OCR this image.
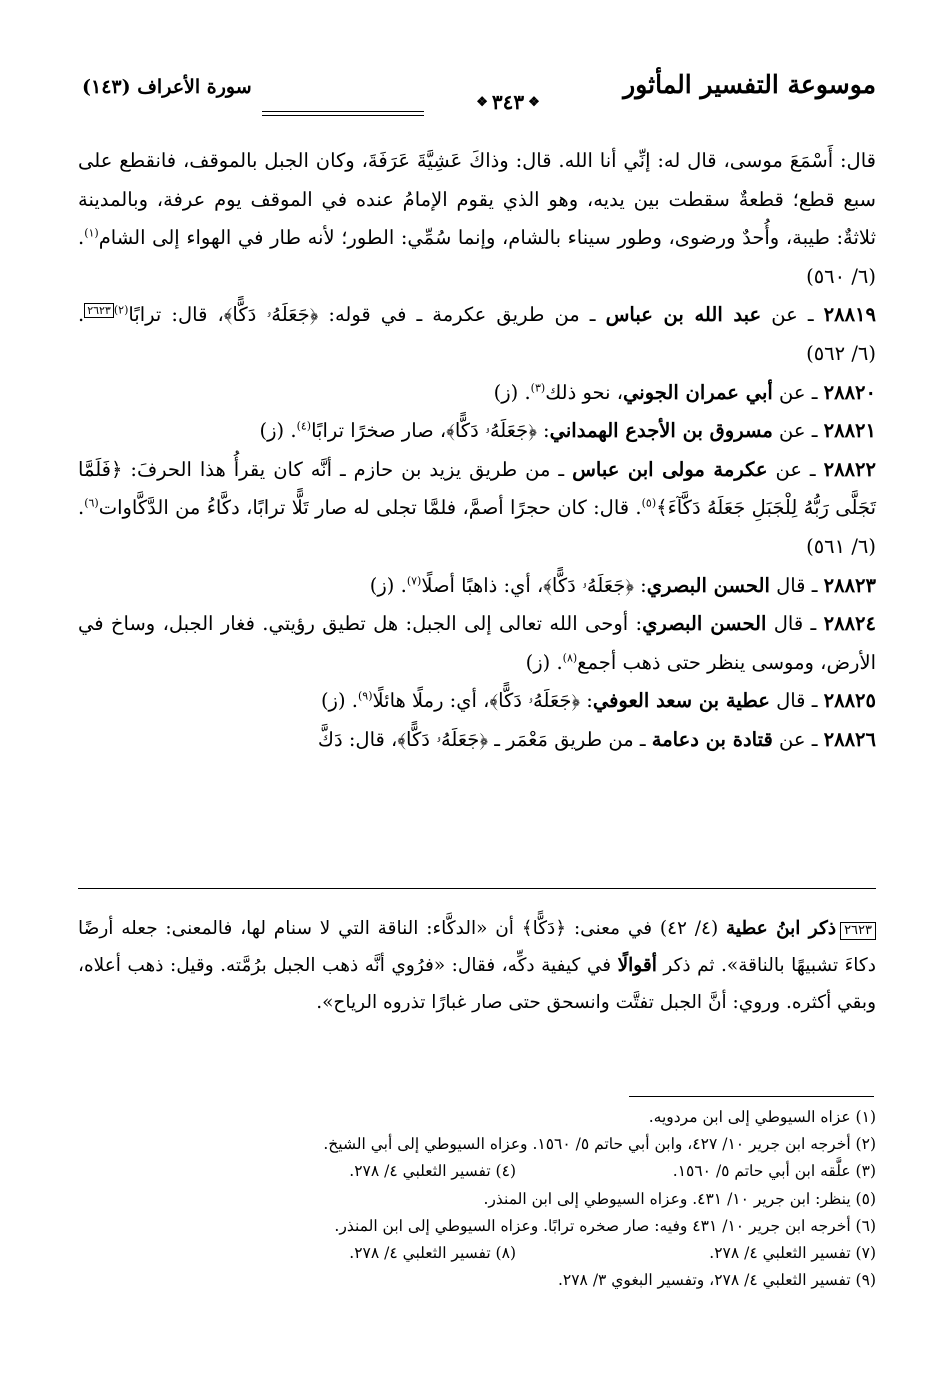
موسوعة التفسير المأثور
❖
٣٤٣
❖
سورة الأعراف (١٤٣)

قال: أَسْمَعَ موسى، قال له: إنِّي أنا الله. قال: وذاكَ عَشِيَّةَ عَرَفَةَ، وكان الجبل بالموقف، فانقطع على سبع قطع؛ قطعةٌ سقطت بين يديه، وهو الذي يقوم الإمامُ عنده في الموقف يوم عرفة، وبالمدينة ثلاثةٌ: طيبة، وأُحدٌ ورضوى، وطور سيناء بالشام، وإنما سُمِّي: الطور؛ لأنه طار في الهواء إلى الشام$^{(١)}$. (٦/ ٥٦٠)

٢٨٨١٩ ـ عن عبد الله بن عباس ـ من طريق عكرمة ـ في قوله: ﴿جَعَلَهُۥ دَكًّا﴾، قال: ترابًا$^{(٢)}$٢٦٢٣. (٦/ ٥٦٢)

٢٨٨٢٠ ـ عن أبي عمران الجوني، نحو ذلك$^{(٣)}$. (ز)

٢٨٨٢١ ـ عن مسروق بن الأجدع الهمداني: ﴿جَعَلَهُۥ دَكًّا﴾، صار صخرًا ترابًا$^{(٤)}$. (ز)

٢٨٨٢٢ ـ عن عكرمة مولى ابن عباس ـ من طريق يزيد بن حازم ـ أنَّه كان يقرأُ هذا الحرفَ: ﴿فَلَمَّا تَجَلَّى رَبُّهُ لِلْجَبَلِ جَعَلَهُ دَكَّآءَ﴾$^{(٥)}$. قال: كان حجرًا أصمَّ، فلمَّا تجلى له صار تَلًّا ترابًا، دكَّاءُ من الدَّكَّاوات$^{(٦)}$. (٦/ ٥٦١)

٢٨٨٢٣ ـ قال الحسن البصري: ﴿جَعَلَهُۥ دَكًّا﴾، أي: ذاهبًا أصلًا$^{(٧)}$. (ز)

٢٨٨٢٤ ـ قال الحسن البصري: أوحى الله تعالى إلى الجبل: هل تطيق رؤيتي. فغار الجبل، وساخ في الأرض، وموسى ينظر حتى ذهب أجمع$^{(٨)}$. (ز)

٢٨٨٢٥ ـ قال عطية بن سعد العوفي: ﴿جَعَلَهُۥ دَكًّا﴾، أي: رملًا هائلًا$^{(٩)}$. (ز)

٢٨٨٢٦ ـ عن قتادة بن دعامة ـ من طريق مَعْمَر ـ ﴿جَعَلَهُۥ دَكًّا﴾، قال: دَكَّ

٢٦٢٣ذكر ابنُ عطية (٤/ ٤٢) في معنى: ﴿دَكًّا﴾ أن «الدكَّاء: الناقة التي لا سنام لها، فالمعنى: جعله أرضًا دكاءَ تشبيهًا بالناقة». ثم ذكر أقوالًا في كيفية دكِّه، فقال: «فرُوي أنَّه ذهب الجبل برُمَّته. وقيل: ذهب أعلاه، وبقي أكثره. وروي: أنَّ الجبل تفتَّت وانسحق حتى صار غبارًا تذروه الرياح».

(١) عزاه السيوطي إلى ابن مردويه.
(٢) أخرجه ابن جرير ١٠/ ٤٢٧، وابن أبي حاتم ٥/ ١٥٦٠. وعزاه السيوطي إلى أبي الشيخ.
(٣) علَّقه ابن أبي حاتم ٥/ ١٥٦٠.
(٤) تفسير الثعلبي ٤/ ٢٧٨.
(٥) ينظر: ابن جرير ١٠/ ٤٣١. وعزاه السيوطي إلى ابن المنذر.
(٦) أخرجه ابن جرير ١٠/ ٤٣١ وفيه: صار صخره ترابًا. وعزاه السيوطي إلى ابن المنذر.
(٧) تفسير الثعلبي ٤/ ٢٧٨.
(٨) تفسير الثعلبي ٤/ ٢٧٨.
(٩) تفسير الثعلبي ٤/ ٢٧٨، وتفسير البغوي ٣/ ٢٧٨.
